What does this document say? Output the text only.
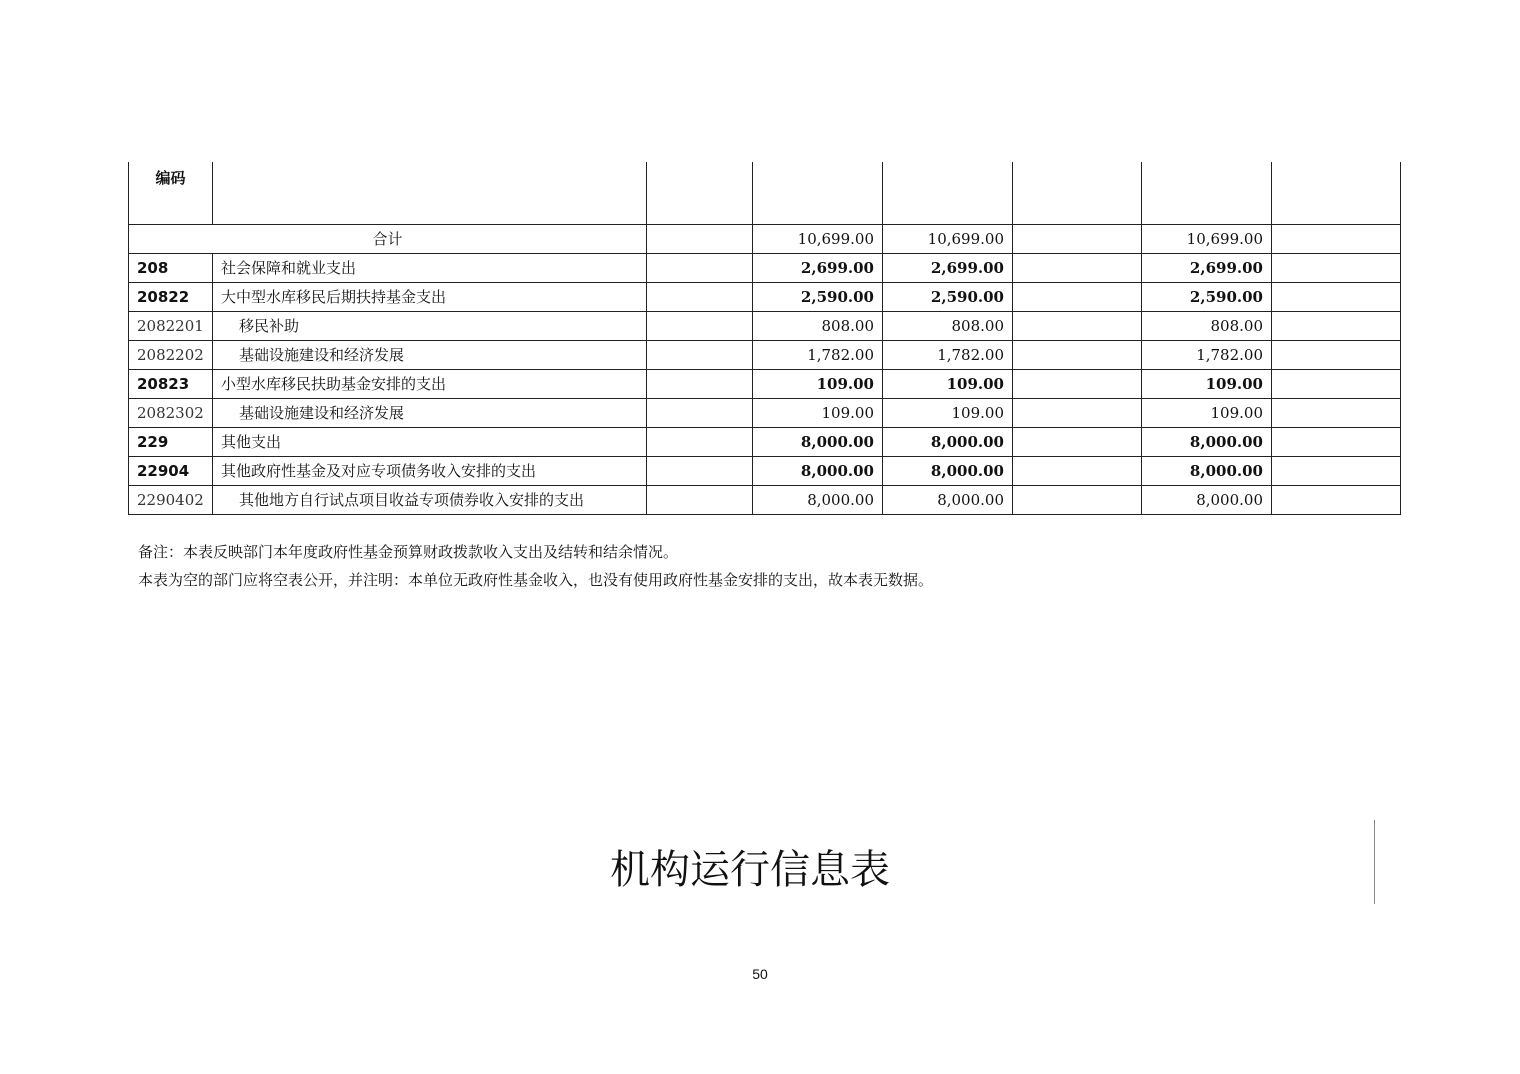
编码							
合计			10,699.00	10,699.00		10,699.00	
208	社会保障和就业支出		2,699.00	2,699.00		2,699.00	
20822	大中型水库移民后期扶持基金支出		2,590.00	2,590.00		2,590.00	
2082201	移民补助		808.00	808.00		808.00	
2082202	基础设施建设和经济发展		1,782.00	1,782.00		1,782.00	
20823	小型水库移民扶助基金安排的支出		109.00	109.00		109.00	
2082302	基础设施建设和经济发展		109.00	109.00		109.00	
229	其他支出		8,000.00	8,000.00		8,000.00	
22904	其他政府性基金及对应专项债务收入安排的支出		8,000.00	8,000.00		8,000.00	
2290402	其他地方自行试点项目收益专项债券收入安排的支出		8,000.00	8,000.00		8,000.00	
备注：本表反映部门本年度政府性基金预算财政拨款收入支出及结转和结余情况。
本表为空的部门应将空表公开，并注明：本单位无政府性基金收入，也没有使用政府性基金安排的支出，故本表无数据。
机构运行信息表
50
